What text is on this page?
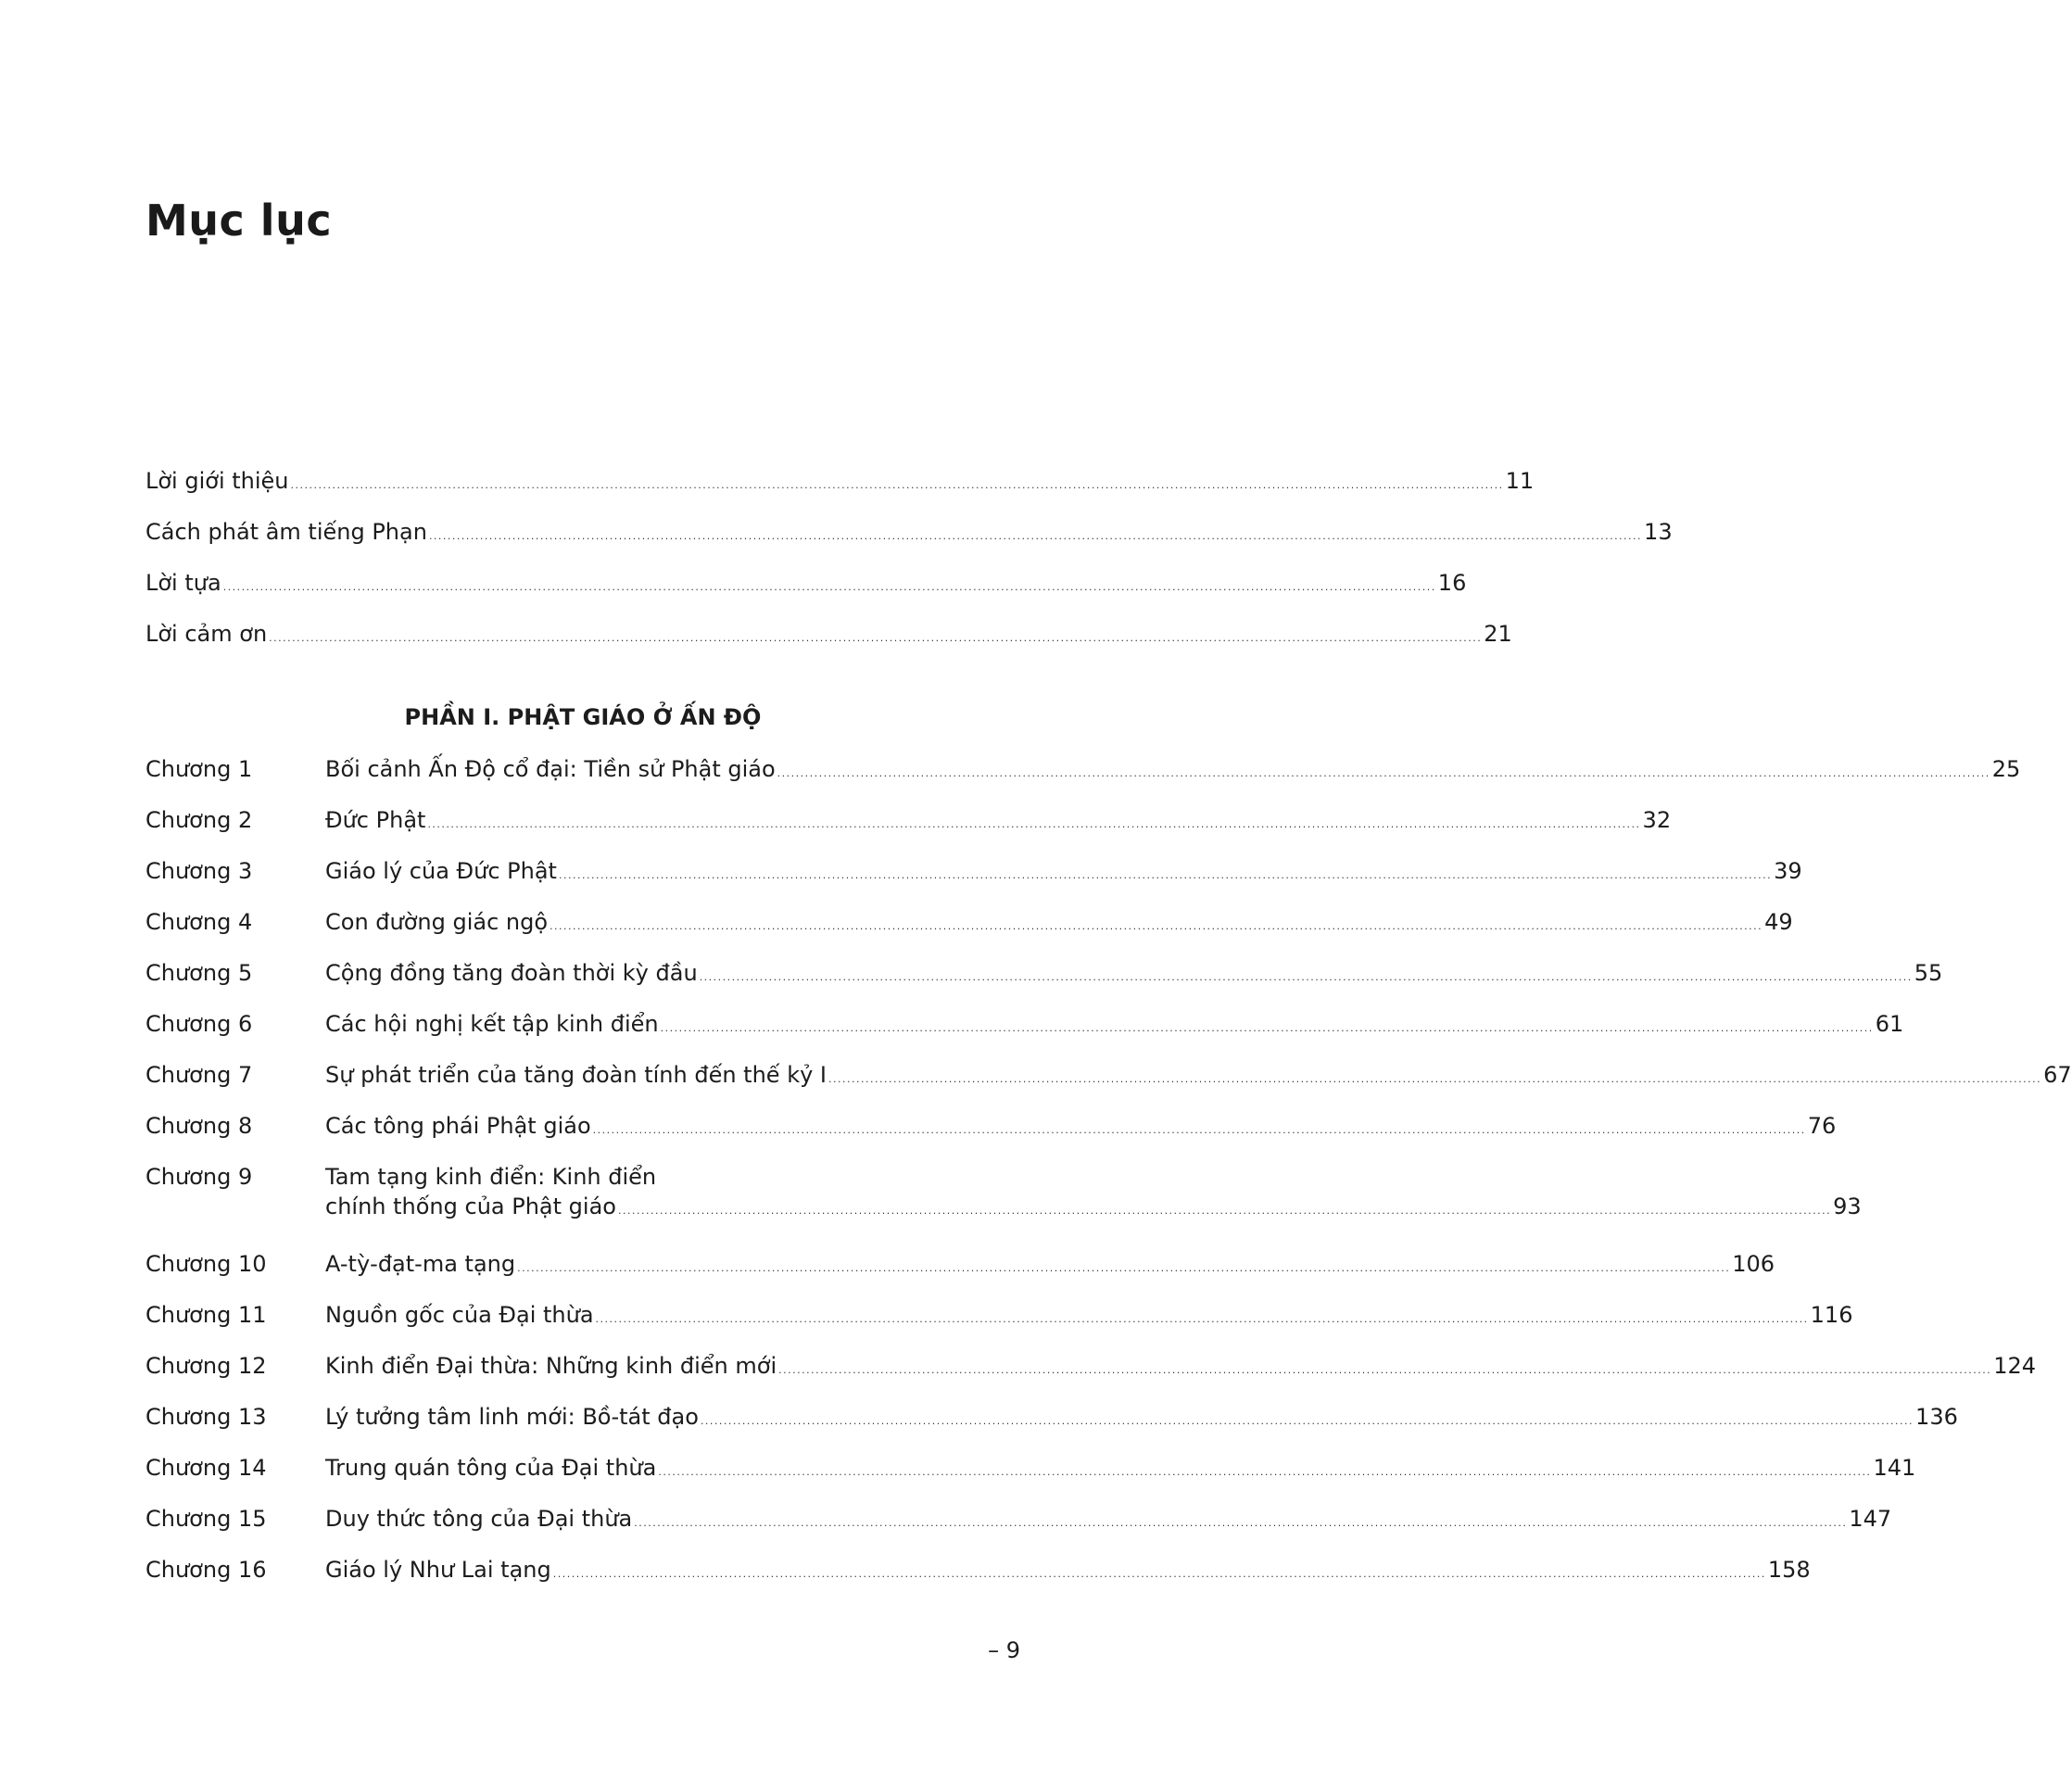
Mục lục
Lời giới thiệu .....	11
Cách phát âm tiếng Phạn .....	13
Lời tựa .....	16
Lời cảm ơn .....	21
PHẦN I. PHẬT GIÁO Ở ẤN ĐỘ
Chương 1	Bối cảnh Ấn Độ cổ đại: Tiền sử Phật giáo .....	25
Chương 2	Đức Phật .....	32
Chương 3	Giáo lý của Đức Phật .....	39
Chương 4	Con đường giác ngộ .....	49
Chương 5	Cộng đồng tăng đoàn thời kỳ đầu .....	55
Chương 6	Các hội nghị kết tập kinh điển .....	61
Chương 7	Sự phát triển của tăng đoàn tính đến thế kỷ I .....	67
Chương 8	Các tông phái Phật giáo .....	76
Chương 9	Tam tạng kinh điển: Kinh điển
chính thống của Phật giáo .....	93
Chương 10	A-tỳ-đạt-ma tạng .....	106
Chương 11	Nguồn gốc của Đại thừa .....	116
Chương 12	Kinh điển Đại thừa: Những kinh điển mới .....	124
Chương 13	Lý tưởng tâm linh mới: Bồ-tát đạo .....	136
Chương 14	Trung quán tông của Đại thừa .....	141
Chương 15	Duy thức tông của Đại thừa .....	147
Chương 16	Giáo lý Như Lai tạng .....	158
– 9
